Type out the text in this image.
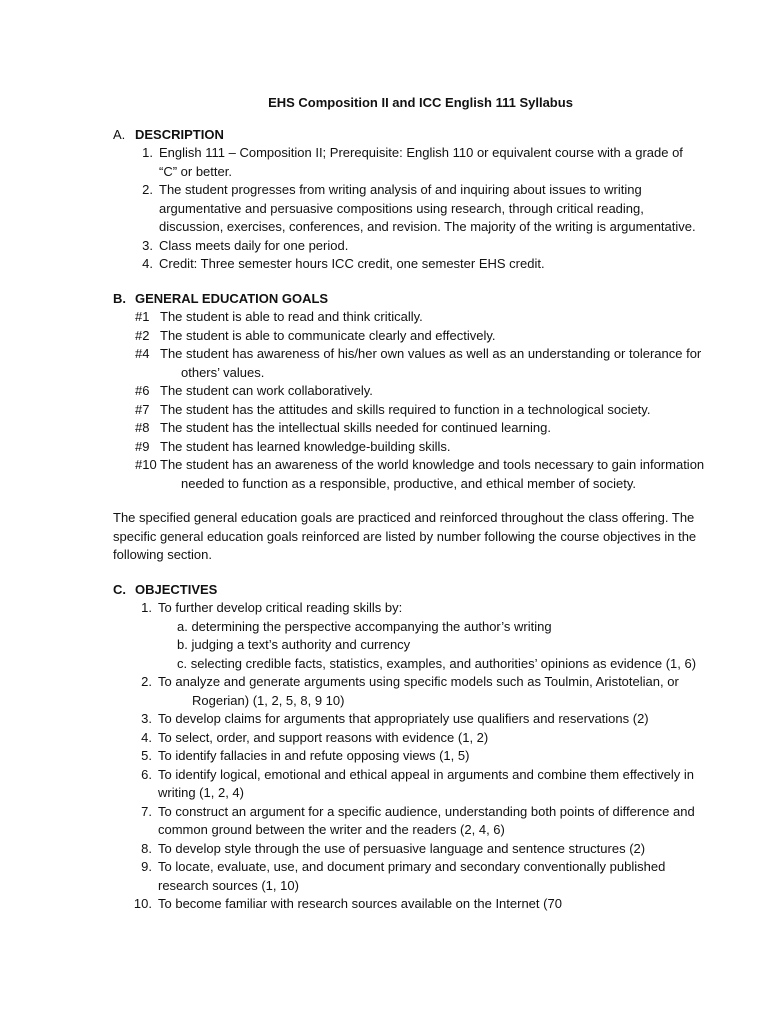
EHS Composition II and ICC English 111 Syllabus
A. DESCRIPTION
1. English 111 – Composition II; Prerequisite: English 110 or equivalent course with a grade of
“C” or better.
2. The student progresses from writing analysis of and inquiring about issues to writing
argumentative and persuasive compositions using research, through critical reading,
discussion, exercises, conferences, and revision. The majority of the writing is argumentative.
3. Class meets daily for one period.
4. Credit: Three semester hours ICC credit, one semester EHS credit.
B. GENERAL EDUCATION GOALS
#1 The student is able to read and think critically.
#2 The student is able to communicate clearly and effectively.
#4 The student has awareness of his/her own values as well as an understanding or tolerance for
others’ values.
#6 The student can work collaboratively.
#7 The student has the attitudes and skills required to function in a technological society.
#8 The student has the intellectual skills needed for continued learning.
#9 The student has learned knowledge-building skills.
#10 The student has an awareness of the world knowledge and tools necessary to gain information
needed to function as a responsible, productive, and ethical member of society.
The specified general education goals are practiced and reinforced throughout the class offering. The
specific general education goals reinforced are listed by number following the course objectives in the
following section.
C. OBJECTIVES
1. To further develop critical reading skills by:
a. determining the perspective accompanying the author’s writing
b. judging a text’s authority and currency
c. selecting credible facts, statistics, examples, and authorities’ opinions as evidence (1, 6)
2. To analyze and generate arguments using specific models such as Toulmin, Aristotelian, or
Rogerian) (1, 2, 5, 8, 9 10)
3. To develop claims for arguments that appropriately use qualifiers and reservations (2)
4. To select, order, and support reasons with evidence (1, 2)
5. To identify fallacies in and refute opposing views (1, 5)
6. To identify logical, emotional and ethical appeal in arguments and combine them effectively in
writing (1, 2, 4)
7. To construct an argument for a specific audience, understanding both points of difference and
common ground between the writer and the readers (2, 4, 6)
8. To develop style through the use of persuasive language and sentence structures (2)
9. To locate, evaluate, use, and document primary and secondary conventionally published
research sources (1, 10)
10. To become familiar with research sources available on the Internet (70
